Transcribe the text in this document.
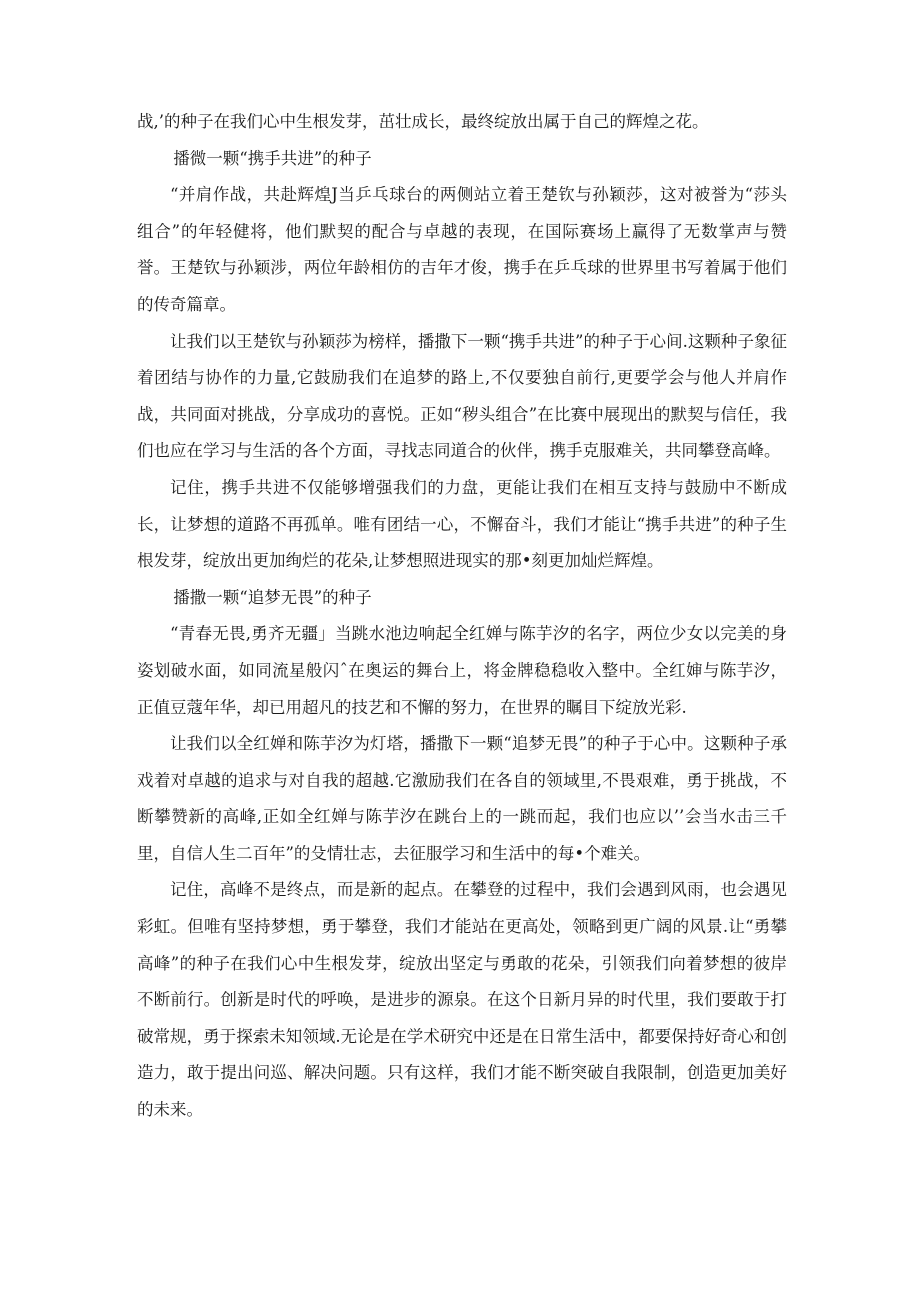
战,’的种子在我们心中生根发芽，茁壮成长，最终绽放出属于自己的辉煌之花。

播微一颗“携手共进”的种子

“并肩作战，共赴辉煌J当乒乓球台的两侧站立着王楚钦与孙颖莎，这对被誉为“莎头组合”的年轻健将，他们默契的配合与卓越的表现，在国际赛场上赢得了无数掌声与赞誉。王楚钦与孙颖涉，两位年龄相仿的吉年才俊，携手在乒乓球的世界里书写着属于他们的传奇篇章。

让我们以王楚钦与孙颖莎为榜样，播撒下一颗“携手共进”的种子于心间.这颗种子象征着团结与协作的力量,它鼓励我们在追梦的路上,不仅要独自前行,更要学会与他人并肩作战，共同面对挑战，分享成功的喜悦。正如“秽头组合”在比赛中展现出的默契与信任，我们也应在学习与生活的各个方面，寻找志同道合的伙伴，携手克服难关，共同攀登高峰。

记住，携手共进不仅能够增强我们的力盘，更能让我们在相互支持与鼓励中不断成长，让梦想的道路不再孤单。唯有团结一心，不懈奋斗，我们才能让“携手共进”的种子生根发芽，绽放出更加绚烂的花朵,让梦想照进现实的那•刻更加灿烂辉煌。

播撒一颗“追梦无畏”的种子

“青春无畏,勇齐无疆」当跳水池边响起全红婵与陈芋汐的名字，两位少女以完美的身姿划破水面，如同流星般闪ˆ在奥运的舞台上，将金牌稳稳收入整中。全红婶与陈芋汐，正值豆蔻年华，却已用超凡的技艺和不懈的努力，在世界的瞩目下绽放光彩.

让我们以全红婵和陈芋汐为灯塔，播撒下一颗“追梦无畏”的种子于心中。这颗种子承戏着对卓越的追求与对自我的超越.它激励我们在各自的领域里,不畏艰难，勇于挑战，不断攀赞新的高峰,正如全红婵与陈芋汐在跳台上的一跳而起，我们也应以’’会当水击三千里，自信人生二百年”的殳情壮志，去征服学习和生活中的每•个难关。

记住，高峰不是终点，而是新的起点。在攀登的过程中，我们会遇到风雨，也会遇见彩虹。但唯有坚持梦想，勇于攀登，我们才能站在更高处，领略到更广阔的风景.让“勇攀高峰”的种子在我们心中生根发芽，绽放出坚定与勇敢的花朵，引领我们向着梦想的彼岸不断前行。创新是时代的呼唤，是进步的源泉。在这个日新月异的时代里，我们要敢于打破常规，勇于探索未知领域.无论是在学术研究中还是在日常生活中，都要保持好奇心和创造力，敢于提出问巡、解决问题。只有这样，我们才能不断突破自我限制，创造更加美好的未来。
